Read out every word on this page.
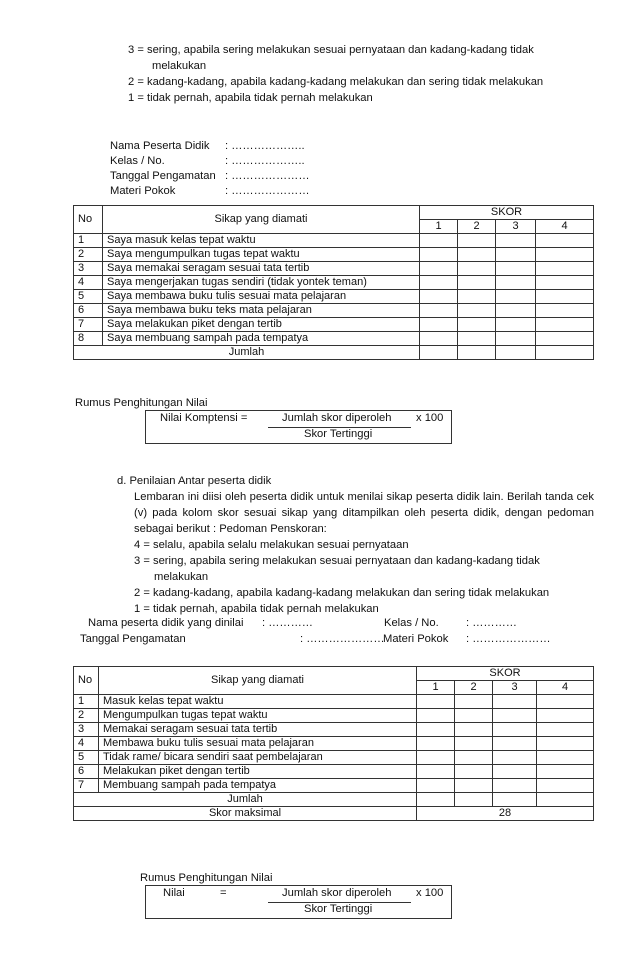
3 = sering, apabila sering melakukan sesuai pernyataan dan kadang-kadang tidak
melakukan
2 = kadang-kadang, apabila kadang-kadang melakukan dan sering tidak melakukan
1 = tidak pernah, apabila tidak pernah melakukan
Nama Peserta Didik : ………………..
Kelas / No.	: ………………..
Tanggal Pengamatan : …………………
Materi Pokok	: …………………
No	Sikap yang diamati	SKOR			
		1	2	3	4
1	Saya masuk kelas tepat waktu				
2	Saya mengumpulkan tugas tepat waktu				
3	Saya memakai seragam sesuai tata tertib				
4	Saya mengerjakan tugas sendiri (tidak yontek teman)				
5	Saya membawa buku tulis sesuai mata pelajaran				
6	Saya membawa buku teks mata pelajaran				
7	Saya melakukan piket dengan tertib				
8	Saya membuang sampah pada tempatya				
Jumlah					
Rumus Penghitungan Nilai
Nilai Komptensi =	Jumlah skor diperoleh x 100
Skor Tertinggi
d. Penilaian Antar peserta didik
Lembaran ini diisi oleh peserta didik untuk menilai sikap peserta didik lain. Berilah tanda cek
(v) pada kolom skor sesuai sikap yang ditampilkan oleh peserta didik, dengan pedoman
sebagai berikut : Pedoman Penskoran:
4 = selalu, apabila selalu melakukan sesuai pernyataan
3 = sering, apabila sering melakukan sesuai pernyataan dan kadang-kadang tidak
melakukan
2 = kadang-kadang, apabila kadang-kadang melakukan dan sering tidak melakukan
1 = tidak pernah, apabila tidak pernah melakukan
Nama peserta didik yang dinilai : …………	Kelas / No. : …………
Tanggal Pengamatan	: …………………
Materi Pokok : …………………
No	Sikap yang diamati	SKOR			
		1	2	3	4
1	Masuk kelas tepat waktu				
2	Mengumpulkan tugas tepat waktu				
3	Memakai seragam sesuai tata tertib				
4	Membawa buku tulis sesuai mata pelajaran				
5	Tidak rame/ bicara sendiri saat pembelajaran				
6	Melakukan piket dengan tertib				
7	Membuang sampah pada tempatya				
Jumlah					
Skor maksimal		28			
Rumus Penghitungan Nilai
Nilai	=	Jumlah skor diperoleh x 100
Skor Tertinggi
